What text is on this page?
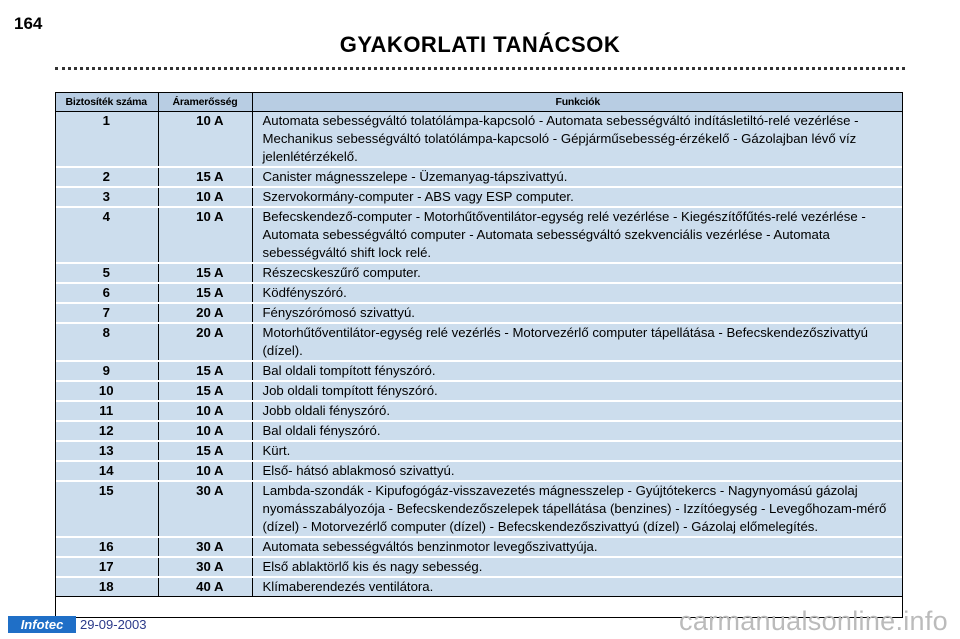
164
GYAKORLATI TANÁCSOK
Biztosíték száma	Áramerősség	Funkciók
1	10 A	Automata sebességváltó tolatólámpa-kapcsoló - Automata sebességváltó indításletiltó-relé vezérlése - Mechanikus sebességváltó tolatólámpa-kapcsoló - Gépjárműsebesség-érzékelő - Gázolajban lévő víz jelenlétérzékelő.
2	15 A	Canister mágnesszelepe - Üzemanyag-tápszivattyú.
3	10 A	Szervokormány-computer - ABS vagy ESP computer.
4	10 A	Befecskendező-computer - Motorhűtőventilátor-egység relé vezérlése - Kiegészítőfűtés-relé vezérlése - Automata sebességváltó computer - Automata sebességváltó szekvenciális vezérlése - Automata sebességváltó shift lock relé.
5	15 A	Részecskeszűrő computer.
6	15 A	Ködfényszóró.
7	20 A	Fényszórómosó szivattyú.
8	20 A	Motorhűtőventilátor-egység relé vezérlés - Motorvezérlő computer tápellátása - Befecskendezőszivattyú (dízel).
9	15 A	Bal oldali tompított fényszóró.
10	15 A	Job oldali tompított fényszóró.
11	10 A	Jobb oldali fényszóró.
12	10 A	Bal oldali fényszóró.
13	15 A	Kürt.
14	10 A	Első- hátsó ablakmosó szivattyú.
15	30 A	Lambda-szondák - Kipufogógáz-visszavezetés mágnesszelep - Gyújtótekercs - Nagynyomású gázolaj nyomásszabályozója - Befecskendezőszelepek tápellátása (benzines) - Izzítóegység - Levegőhozam-mérő (dízel) - Motorvezérlő computer (dízel) - Befecskendezőszivattyú (dízel) - Gázolaj előmelegítés.
16	30 A	Automata sebességváltós benzinmotor levegőszivattyúja.
17	30 A	Első ablaktörlő kis és nagy sebesség.
18	40 A	Klímaberendezés ventilátora.
Infotec	29-09-2003	carmanualsonline.info
